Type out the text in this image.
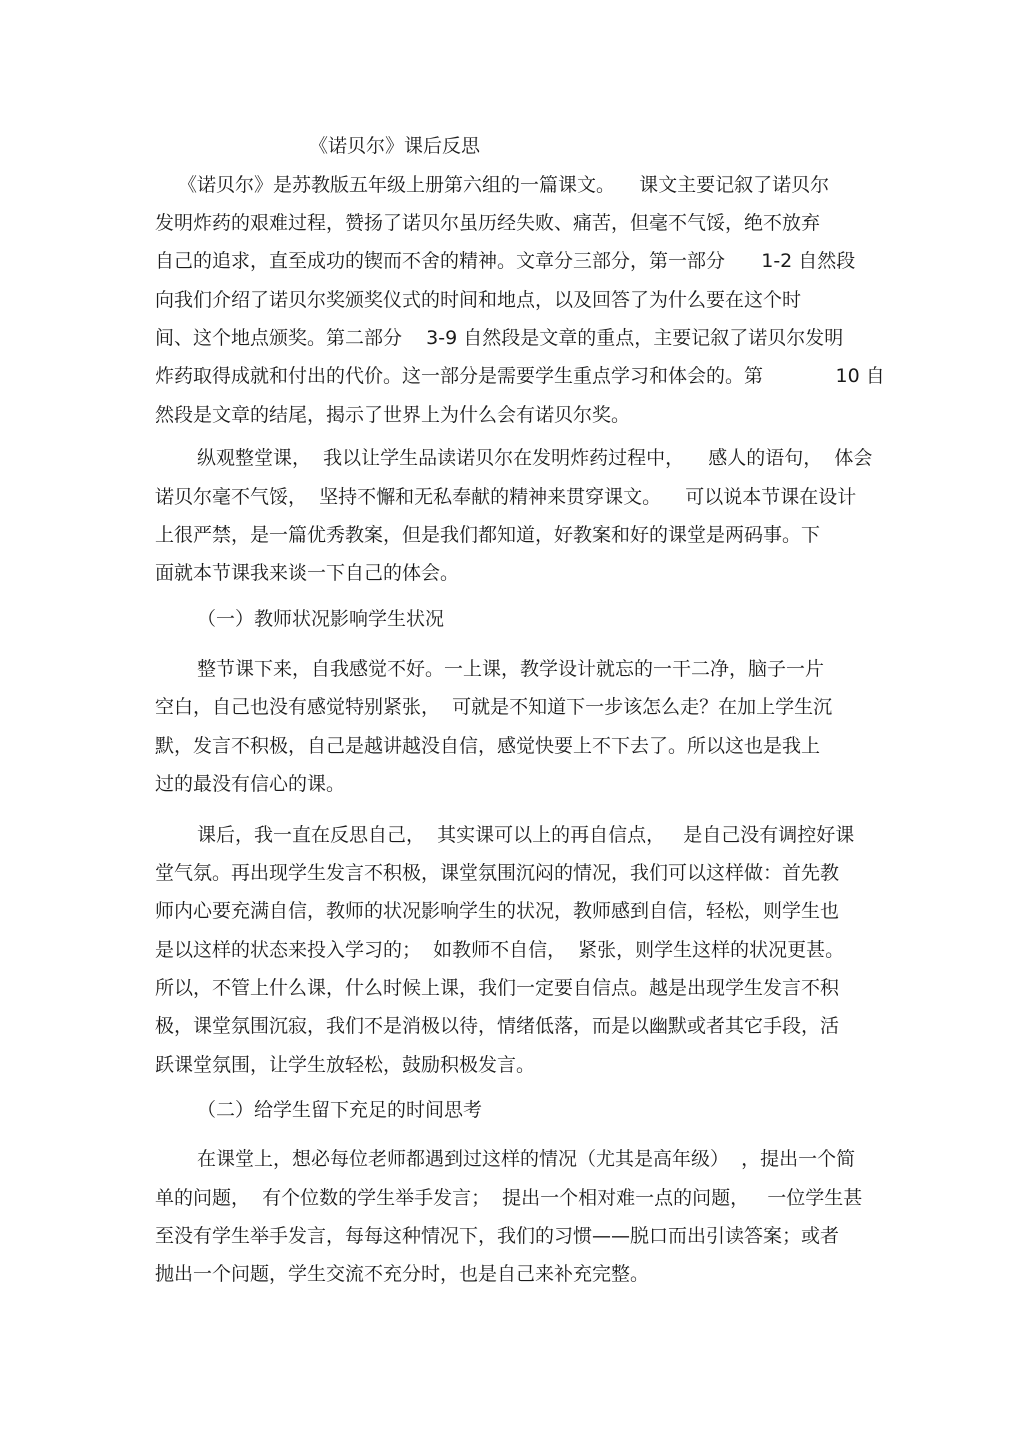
《诺贝尔》课后反思

《诺贝尔》是苏教版五年级上册第六组的一篇课文。    课文主要记叙了诺贝尔

发明炸药的艰难过程，赞扬了诺贝尔虽历经失败、痛苦，但毫不气馁，绝不放弃

自己的追求，直至成功的锲而不舍的精神。文章分三部分，第一部分      1-2 自然段

向我们介绍了诺贝尔奖颁奖仪式的时间和地点，以及回答了为什么要在这个时

间、这个地点颁奖。第二部分    3-9 自然段是文章的重点，主要记叙了诺贝尔发明

炸药取得成就和付出的代价。这一部分是需要学生重点学习和体会的。第            10 自

然段是文章的结尾，揭示了世界上为什么会有诺贝尔奖。

纵观整堂课，  我以让学生品读诺贝尔在发明炸药过程中，    感人的语句，  体会

诺贝尔毫不气馁，  坚持不懈和无私奉献的精神来贯穿课文。    可以说本节课在设计

上很严禁，是一篇优秀教案，但是我们都知道，好教案和好的课堂是两码事。下

面就本节课我来谈一下自己的体会。

（一）教师状况影响学生状况

整节课下来，自我感觉不好。一上课，教学设计就忘的一干二净，脑子一片

空白，自己也没有感觉特别紧张，  可就是不知道下一步该怎么走？在加上学生沉

默，发言不积极，自己是越讲越没自信，感觉快要上不下去了。所以这也是我上

过的最没有信心的课。

课后，我一直在反思自己，  其实课可以上的再自信点，   是自己没有调控好课

堂气氛。再出现学生发言不积极，课堂氛围沉闷的情况，我们可以这样做：首先教

师内心要充满自信，教师的状况影响学生的状况，教师感到自信，轻松，则学生也

是以这样的状态来投入学习的；  如教师不自信，  紧张，则学生这样的状况更甚。

所以，不管上什么课，什么时候上课，我们一定要自信点。越是出现学生发言不积

极，课堂氛围沉寂，我们不是消极以待，情绪低落，而是以幽默或者其它手段，活

跃课堂氛围，让学生放轻松，鼓励积极发言。

（二）给学生留下充足的时间思考

在课堂上，想必每位老师都遇到过这样的情况（尤其是高年级）  ，提出一个简

单的问题，  有个位数的学生举手发言；  提出一个相对难一点的问题，   一位学生甚

至没有学生举手发言，每每这种情况下，我们的习惯——脱口而出引读答案；或者

抛出一个问题，学生交流不充分时，也是自己来补充完整。
